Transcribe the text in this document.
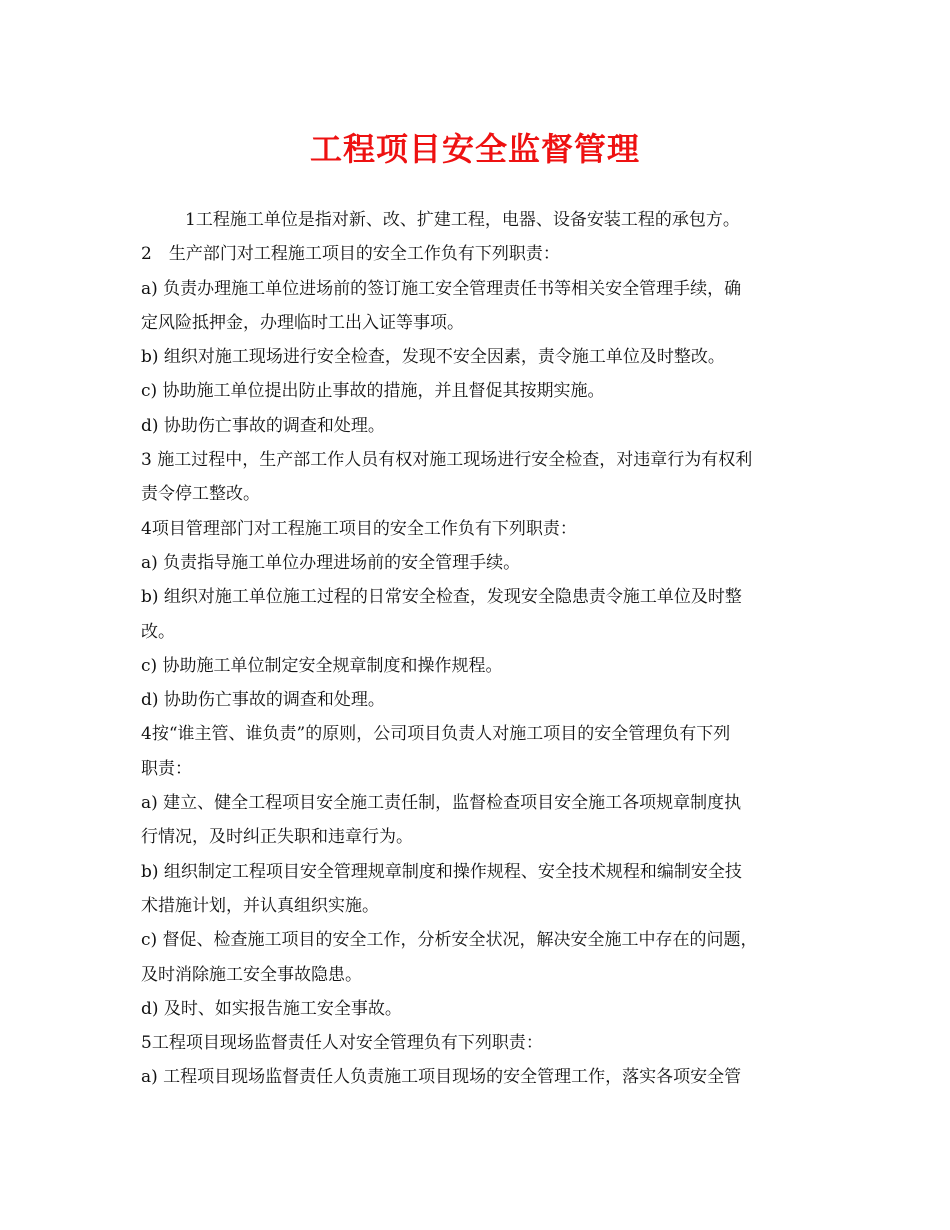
工程项目安全监督管理
1工程施工单位是指对新、改、扩建工程，电器、设备安装工程的承包方。
2　生产部门对工程施工项目的安全工作负有下列职责：
a) 负责办理施工单位进场前的签订施工安全管理责任书等相关安全管理手续，确
定风险抵押金，办理临时工出入证等事项。
b) 组织对施工现场进行安全检查，发现不安全因素，责令施工单位及时整改。
c) 协助施工单位提出防止事故的措施，并且督促其按期实施。
d) 协助伤亡事故的调查和处理。
3 施工过程中，生产部工作人员有权对施工现场进行安全检查，对违章行为有权利
责令停工整改。
4项目管理部门对工程施工项目的安全工作负有下列职责：
a) 负责指导施工单位办理进场前的安全管理手续。
b) 组织对施工单位施工过程的日常安全检查，发现安全隐患责令施工单位及时整
改。
c) 协助施工单位制定安全规章制度和操作规程。
d) 协助伤亡事故的调查和处理。
4按“谁主管、谁负责”的原则，公司项目负责人对施工项目的安全管理负有下列
职责：
a) 建立、健全工程项目安全施工责任制，监督检查项目安全施工各项规章制度执
行情况，及时纠正失职和违章行为。
b) 组织制定工程项目安全管理规章制度和操作规程、安全技术规程和编制安全技
术措施计划，并认真组织实施。
c) 督促、检查施工项目的安全工作，分析安全状况，解决安全施工中存在的问题，
及时消除施工安全事故隐患。
d) 及时、如实报告施工安全事故。
5工程项目现场监督责任人对安全管理负有下列职责：
a) 工程项目现场监督责任人负责施工项目现场的安全管理工作，落实各项安全管
